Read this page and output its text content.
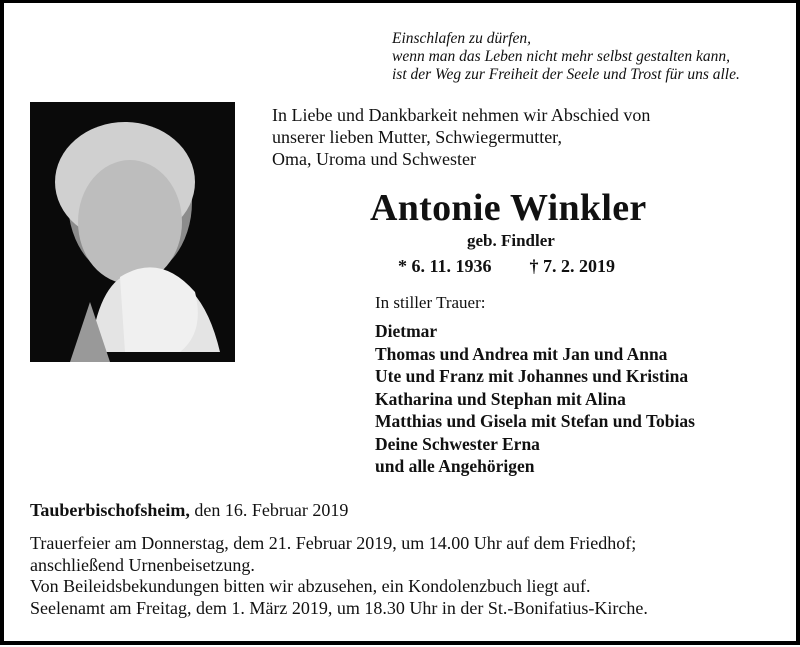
Einschlafen zu dürfen,
wenn man das Leben nicht mehr selbst gestalten kann,
ist der Weg zur Freiheit der Seele und Trost für uns alle.
In Liebe und Dankbarkeit nehmen wir Abschied von
unserer lieben Mutter, Schwiegermutter,
Oma, Uroma und Schwester
Antonie Winkler
geb. Findler
* 6. 11. 1936 † 7. 2. 2019
In stiller Trauer:
Dietmar
Thomas und Andrea mit Jan und Anna
Ute und Franz mit Johannes und Kristina
Katharina und Stephan mit Alina
Matthias und Gisela mit Stefan und Tobias
Deine Schwester Erna
und alle Angehörigen
Tauberbischofsheim, den 16. Februar 2019
Trauerfeier am Donnerstag, dem 21. Februar 2019, um 14.00 Uhr auf dem Friedhof;
anschließend Urnenbeisetzung.
Von Beileidsbekundungen bitten wir abzusehen, ein Kondolenzbuch liegt auf.
Seelenamt am Freitag, dem 1. März 2019, um 18.30 Uhr in der St.-Bonifatius-Kirche.
